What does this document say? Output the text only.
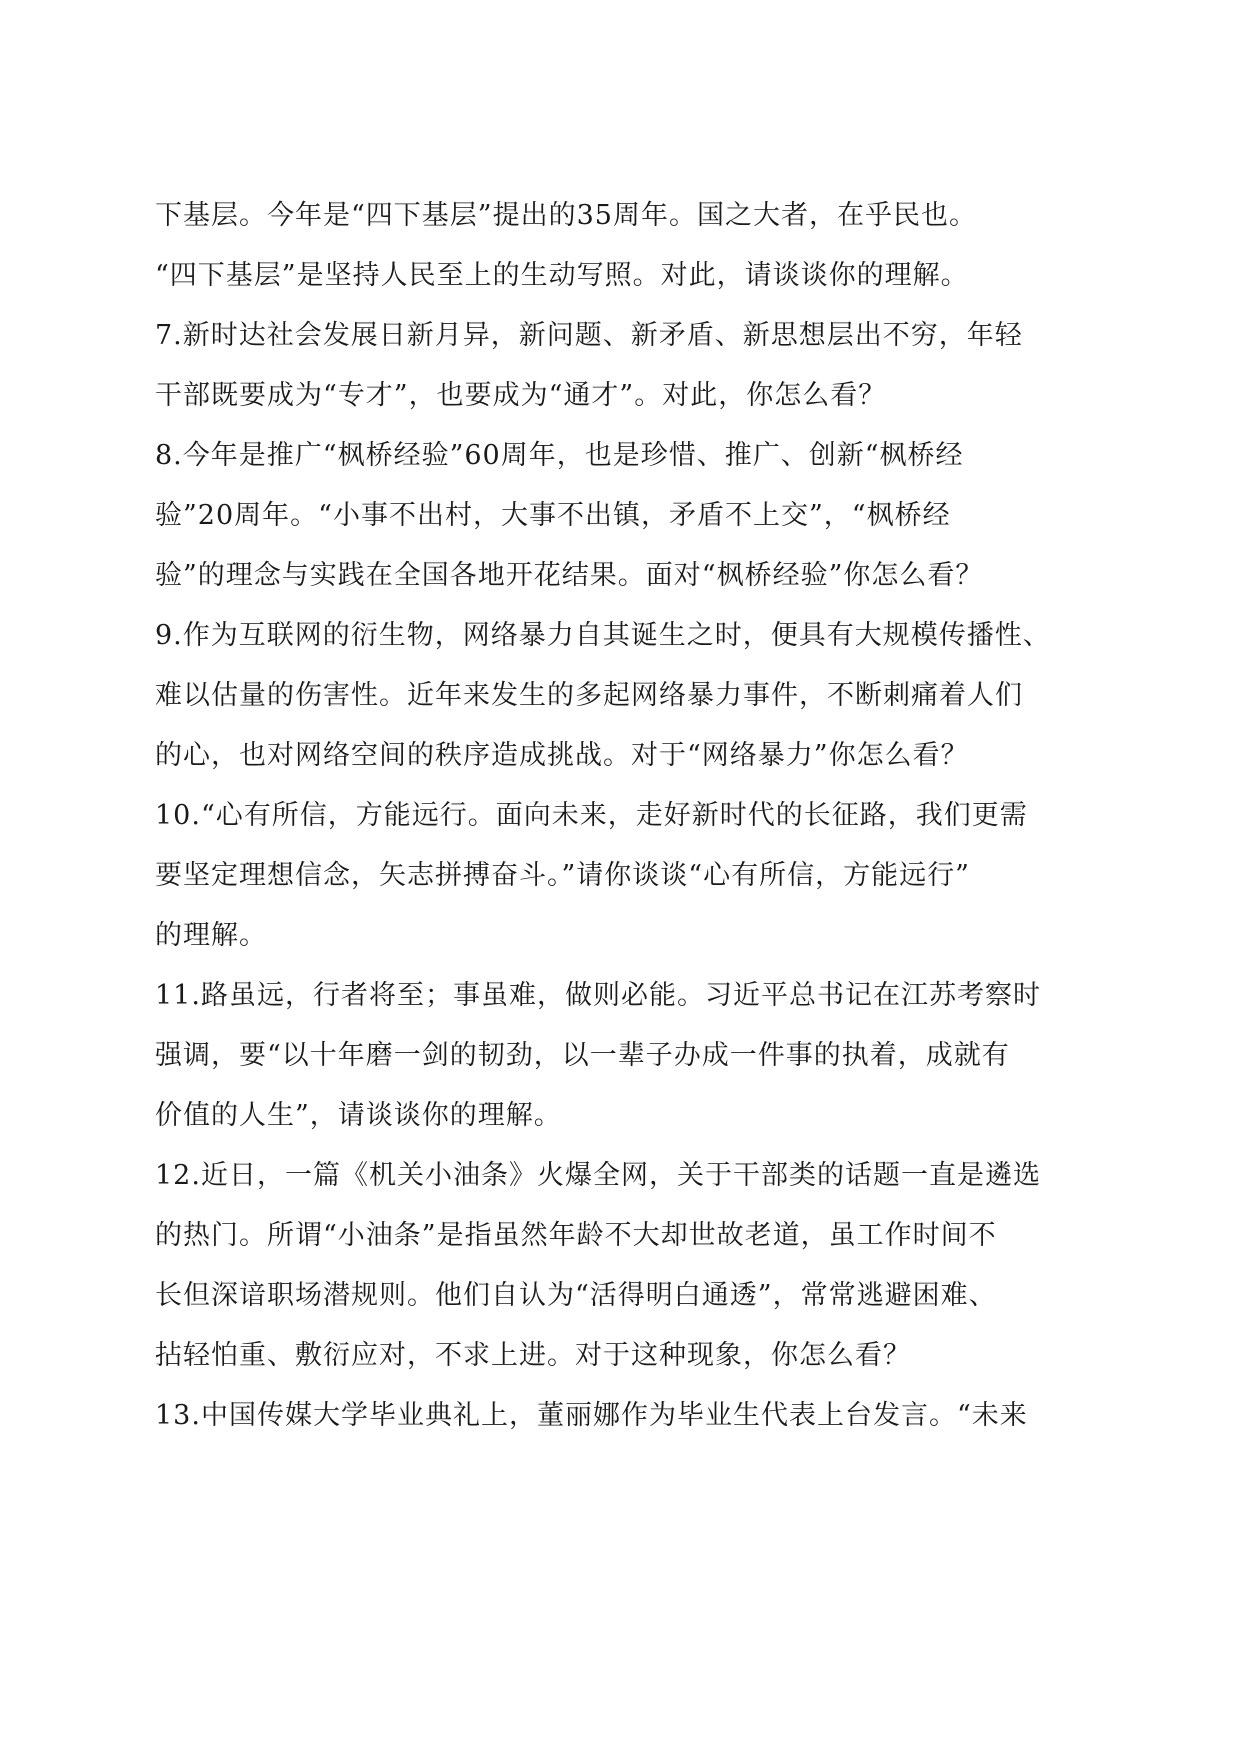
下基层。今年是“四下基层”提出的35周年。国之大者，在乎民也。
“四下基层”是坚持人民至上的生动写照。对此，请谈谈你的理解。
7.新时达社会发展日新月异，新问题、新矛盾、新思想层出不穷，年轻
干部既要成为“专才”，也要成为“通才”。对此，你怎么看？
8.今年是推广“枫桥经验”60周年，也是珍惜、推广、创新“枫桥经
验”20周年。“小事不出村，大事不出镇，矛盾不上交”，“枫桥经
验”的理念与实践在全国各地开花结果。面对“枫桥经验”你怎么看？
9.作为互联网的衍生物，网络暴力自其诞生之时，便具有大规模传播性、
难以估量的伤害性。近年来发生的多起网络暴力事件，不断刺痛着人们
的心，也对网络空间的秩序造成挑战。对于“网络暴力”你怎么看？
10.“心有所信，方能远行。面向未来，走好新时代的长征路，我们更需
要坚定理想信念，矢志拼搏奋斗。”请你谈谈“心有所信，方能远行”
的理解。
11.路虽远，行者将至；事虽难，做则必能。习近平总书记在江苏考察时
强调，要“以十年磨一剑的韧劲，以一辈子办成一件事的执着，成就有
价值的人生”，请谈谈你的理解。
12.近日，一篇《机关小油条》火爆全网，关于干部类的话题一直是遴选
的热门。所谓“小油条”是指虽然年龄不大却世故老道，虽工作时间不
长但深谙职场潜规则。他们自认为“活得明白通透”，常常逃避困难、
拈轻怕重、敷衍应对，不求上进。对于这种现象，你怎么看？
13.中国传媒大学毕业典礼上，董丽娜作为毕业生代表上台发言。“未来
